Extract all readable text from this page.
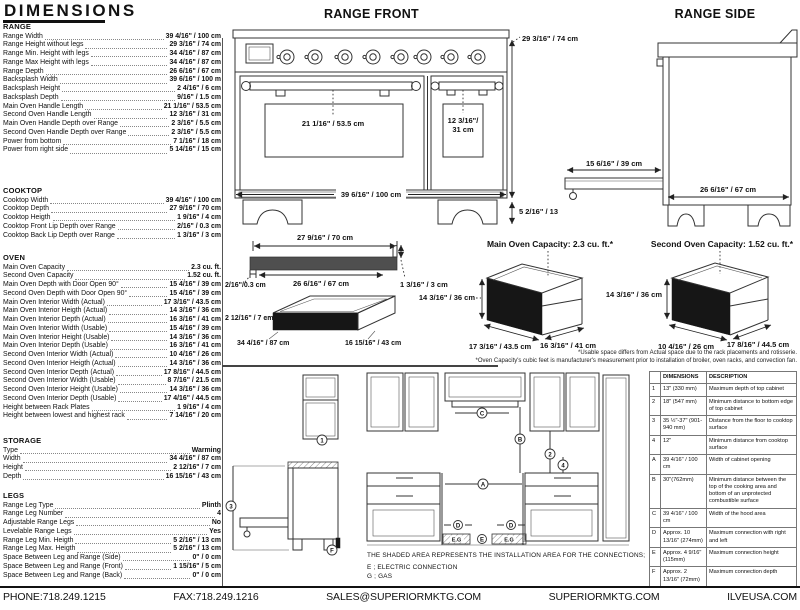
DIMENSIONS
RANGE
Range Width	39 4/16" / 100 cm
Range Height without legs	29 3/16" / 74 cm
Range Min. Height with legs	34 4/16" / 87 cm
Range Max Height with legs	34 4/16" / 87 cm
Range Depth	26 6/16" / 67 cm
Backsplash Width	39 6/16" / 100 m
Backsplash Height	2 4/16" / 6 cm
Backsplash Depth	9/16" / 1.5 cm
Main Oven Handle Length	21 1/16" / 53.5 cm
Second Oven Handle Length	12 3/16" / 31 cm
Main Oven Handle Depth over Range	2 3/16" / 5.5 cm
Second Oven Handle Depth over Range	2 3/16" / 5.5 cm
Power from bottom	7 1/16" / 18 cm
Power from right side	5 14/16" / 15 cm
COOKTOP
Cooktop Width	39 4/16" / 100 cm
Cooktop Depth	27 9/16" / 70 cm
Cooktop Heigth	1 9/16" / 4 cm
Cooktop Front Lip Depth over Range	2/16" / 0.3 cm
Cooktop Back Lip Depth over Range	1 3/16" / 3 cm
OVEN
Main Oven Capacity	2.3 cu. ft.
Second Oven Capacity	1.52 cu. ft.
Main Oven Depth with Door Open 90°	15 4/16" / 39 cm
Second Oven Depth with Door Open 90°	15 4/16" / 39 cm
Main Oven Interior Width (Actual)	17 3/16" / 43.5 cm
Main Oven Interior Heigth (Actual)	14 3/16" / 36 cm
Main Oven Interior Depth (Actual)	16 3/16" / 41 cm
Main Oven Interior Width (Usable)	15 4/16" / 39 cm
Main Oven Interior Height (Usable)	14 3/16" / 36 cm
Main Oven Interior Depth (Usable)	16 3/16" / 41 cm
Second Oven Interior Width (Actual)	10 4/16" / 26 cm
Second Oven Interior Heigth (Actual)	14 3/16" / 36 cm
Second Oven Interior Depth (Actual)	17 8/16" / 44.5 cm
Second Oven Interior Width (Usable)	8 7/16" / 21.5 cm
Second Oven Interior Height (Usable)	14 3/16" / 36 cm
Second Oven Interior Depth (Usable)	17 4/16" / 44.5 cm
Height between Rack Plates	1 9/16" / 4 cm
Height between lowest and highest rack	7 14/16" / 20 cm
STORAGE
Type	Warming
Width	34 4/16" / 87 cm
Height	2 12/16" / 7 cm
Depth	16 15/16" / 43 cm
LEGS
Range Leg Type	Plinth
Range Leg Number	4
Adjustable Range Legs	No
Levelable Range Legs	Yes
Range Leg Min. Heigth	5 2/16" / 13 cm
Range Leg Max. Heigth	5 2/16" / 13 cm
Space Between Leg and Range (Side)	0" / 0 cm
Space Between Leg and Range (Front)	1 15/16" / 5 cm
Space Between Leg and Range (Back)	0" / 0 cm
RANGE FRONT	RANGE SIDE
21 1/16" / 53.5 cm	12 3/16"/
31 cm
39 6/16" / 100 cm
29 3/16" / 74 cm
5 2/16" / 13
15 6/16" / 39 cm
26 6/16" / 67 cm
27 9/16" / 70 cm
2/16"/0.3 cm	26 6/16" / 67 cm	1 3/16" / 3 cm
2 12/16" / 7 cm
34 4/16" / 87 cm	16 15/16" / 43 cm
Main Oven Capacity: 2.3 cu. ft.*
14 3/16" / 36 cm
17 3/16" / 43.5 cm 16 3/16" / 41 cm
Second Oven Capacity: 1.52 cu. ft.*
14 3/16" / 36 cm
10 4/16" / 26 cm 17 8/16" / 44.5 cm
*Usable space differs from Actual space due to the rack placements and rotisserie.
*Oven Capacity's cubic feet is manufacturer's measurement prior to installation of broiler, oven racks, and convection fan.
1
3
F
E.G	E.G
C
B
2
4
A
D	D
E
THE SHADED AREA REPRESENTS THE INSTALLATION AREA FOR THE CONNECTIONS;
E ; ELECTRIC CONNECTION
G ; GAS
	DIMENSIONS	DESCRIPTION
1	13" (330 mm)	Maximum depth of top cabinet
2	18" (547 mm)	Minimum distance to bottom edge of top cabinet
3	35 ½"-37" (901-940 mm)	Distance from the floor to cooktop surface
4	12"	Minimum distance from cooktop surface
A	39 4/16" / 100 cm	Width of cabinet opening
B	30"(762mm)	Minimum distance between the top of the cooking area and bottom of an unprotected combustible surface
C	39 4/16" / 100 cm	Width of the hood area
D	Approx. 10 13/16" (274mm)	Maximum connection with right and left
E	Approx. 4 9/16" (115mm)	Maximum connection height
F	Approx. 2 13/16" (72mm)	Maximum connection depth
PHONE:718.249.1215	FAX:718.249.1216	SALES@SUPERIORMKTG.COM	SUPERIORMKTG.COM	ILVEUSA.COM
